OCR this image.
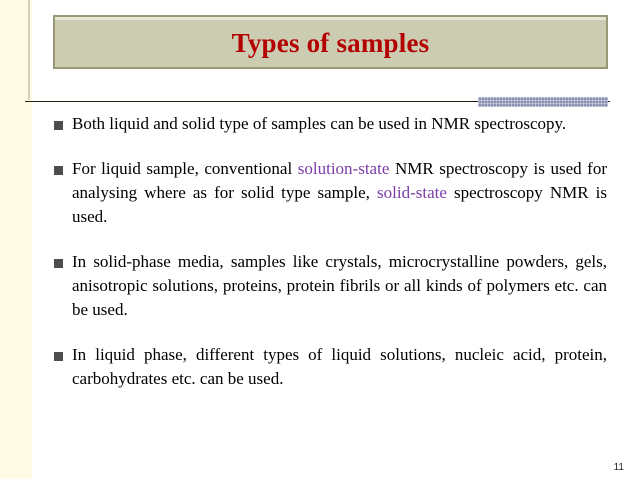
Types of samples
Both liquid and solid type of samples can be used in NMR spectroscopy.
For liquid sample, conventional solution-state NMR spectroscopy is used for analysing where as for solid type sample, solid-state spectroscopy NMR is used.
In solid-phase media, samples like crystals, microcrystalline powders, gels, anisotropic solutions, proteins, protein fibrils or all kinds of polymers etc. can be used.
In liquid phase, different types of liquid solutions, nucleic acid, protein, carbohydrates etc. can be used.
11
